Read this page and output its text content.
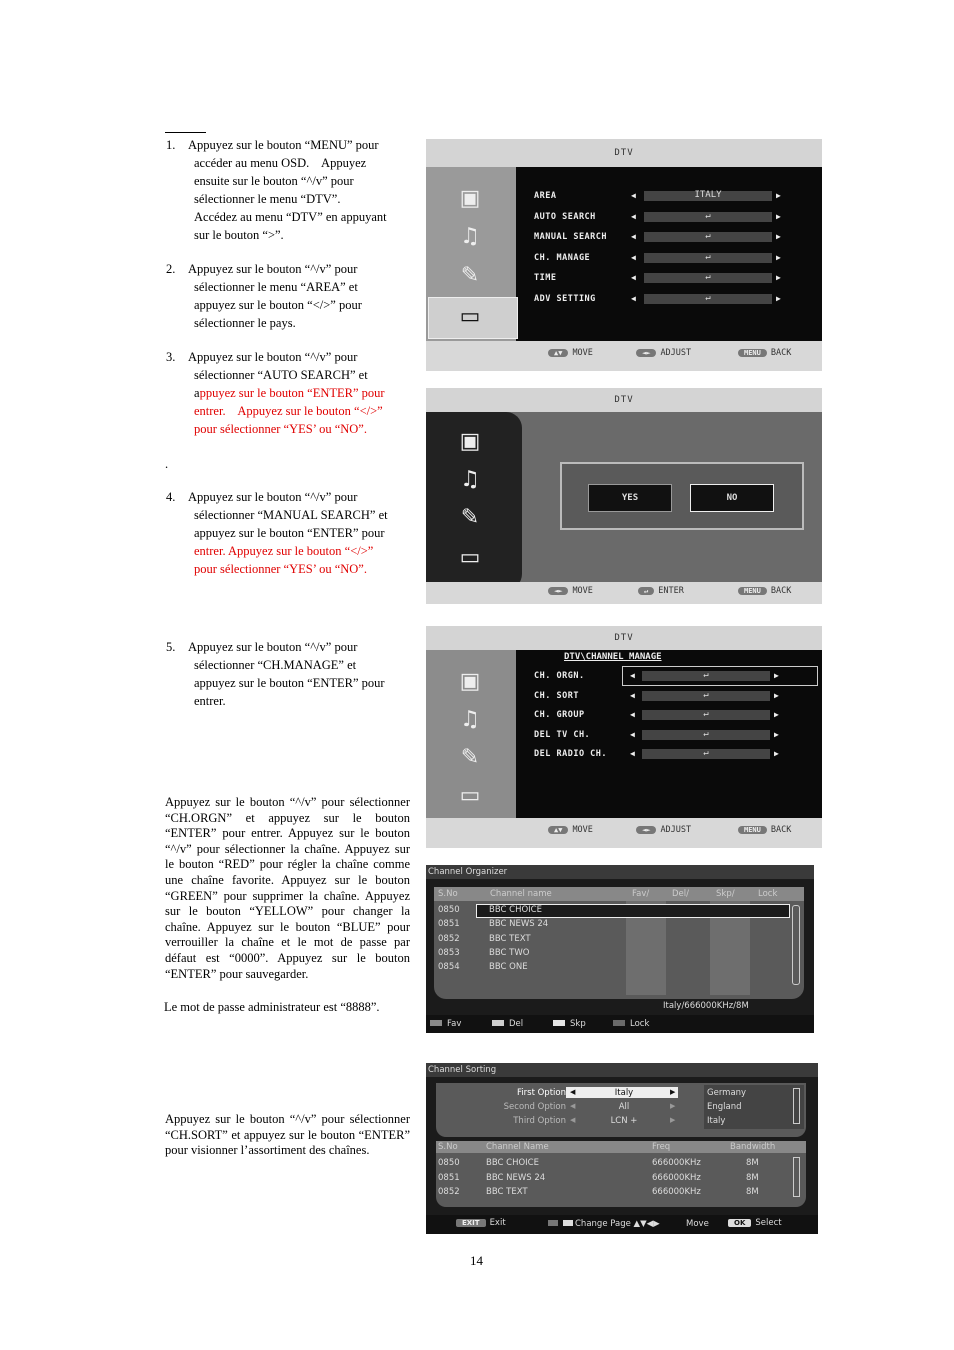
1. Appuyez sur le bouton “MENU” pour
accéder au menu OSD.    Appuyez
ensuite sur le bouton “^/v” pour
sélectionner le menu “DTV”.
Accédez au menu “DTV” en appuyant
sur le bouton “>”.
2. Appuyez sur le bouton “^/v” pour
sélectionner le menu “AREA” et
appuyez sur le bouton “</>” pour
sélectionner le pays.
3. Appuyez sur le bouton “^/v” pour
sélectionner “AUTO SEARCH” et
appuyez sur le bouton “ENTER” pour
entrer.    Appuyez sur le bouton “</>”
pour sélectionner “YES’ ou “NO”.
.
4. Appuyez sur le bouton “^/v” pour
sélectionner “MANUAL SEARCH” et
appuyez sur le bouton “ENTER” pour
entrer. Appuyez sur le bouton “</>”
pour sélectionner “YES’ ou “NO”.
5. Appuyez sur le bouton “^/v” pour
sélectionner “CH.MANAGE” et
appuyez sur le bouton “ENTER” pour
entrer.
Appuyez sur le bouton “^/v” pour sélectionner “CH.ORGN” et appuyez sur le bouton “ENTER” pour entrer. Appuyez sur le bouton “^/v” pour sélectionner la chaîne. Appuyez sur le bouton “RED” pour régler la chaîne comme une chaîne favorite. Appuyez sur le bouton “GREEN” pour supprimer la chaîne. Appuyez sur le bouton “YELLOW” pour changer la chaîne. Appuyez sur le bouton “BLUE” pour verrouiller la chaîne et le mot de passe par défaut est “0000”. Appuyez sur le bouton “ENTER” pour sauvegarder.
Le mot de passe administrateur est “8888”.
Appuyez sur le bouton “^/v” pour sélectionner “CH.SORT” et appuyez sur le bouton “ENTER” pour visionner l’assortiment des chaînes.
14
DTV
▣
♫
✎
▭
AREA	◀	ITALY	▶
AUTO SEARCH	◀	↵	▶
MANUAL SEARCH	◀	↵	▶
CH. MANAGE	◀	↵	▶
TIME	◀	↵	▶
ADV SETTING	◀	↵	▶
▲▼ MOVE	◄► ADJUST	MENU BACK
DTV
▣
♫
✎
▭
YES	NO
◄► MOVE	↵ ENTER	MENU BACK
DTV
▣
♫
✎
▭
DTV\CHANNEL MANAGE
CH. ORGN.	◀	↵	▶
CH. SORT	◀	↵	▶
CH. GROUP	◀	↵	▶
DEL TV CH.	◀	↵	▶
DEL RADIO CH.	◀	↵	▶
▲▼ MOVE	◄► ADJUST	MENU BACK
Channel Organizer
S.No	Channel name	Fav/	Del/	Skp/	Lock
0850	BBC CHOICE
0851	BBC NEWS 24
0852	BBC TEXT
0853	BBC TWO
0854	BBC ONE
Italy/666000KHz/8M
Fav	Del	Skp	Lock
Channel Sorting
First Option ◀	Italy	▶
Second Option ◀	All	▶
Third Option ◀	LCN +	▶
Germany
England
Italy
S.No	Channel Name	Freq	Bandwidth
0850	BBC CHOICE	666000KHz	8M
0851	BBC NEWS 24	666000KHz	8M
0852	BBC TEXT	666000KHz	8M
EXIT Exit	Change Page ▲▼◀▶	Move	OK Select
